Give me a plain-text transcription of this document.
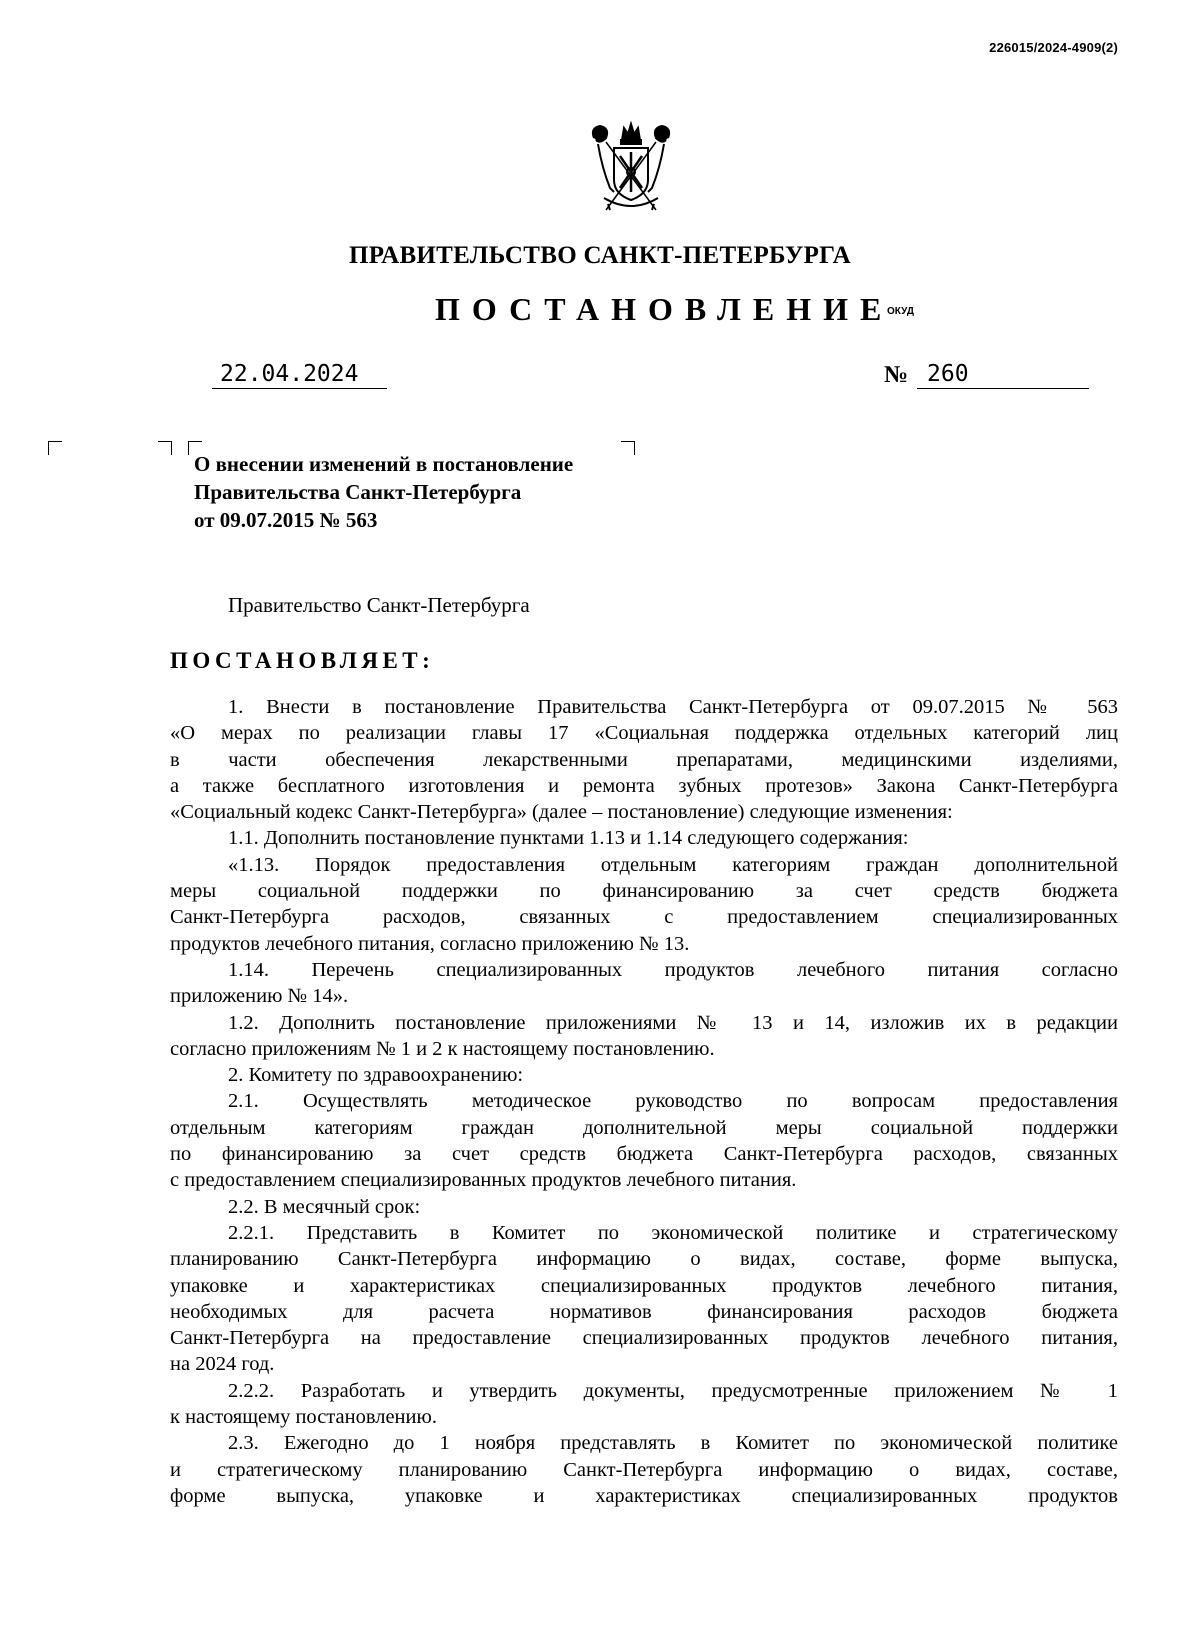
226015/2024-4909(2)
ПРАВИТЕЛЬСТВО САНКТ-ПЕТЕРБУРГА
ПОСТАНОВЛЕНИЕ
ОКУД
22.04.2024	№ 260
О внесении изменений в постановление
Правительства Санкт-Петербурга
от 09.07.2015 № 563
Правительство Санкт-Петербурга
ПОСТАНОВЛЯЕТ:
1. Внести в постановление Правительства Санкт-Петербурга от 09.07.2015 № 563
«О мерах по реализации главы 17 «Социальная поддержка отдельных категорий лиц
в части обеспечения лекарственными препаратами, медицинскими изделиями,
а также бесплатного изготовления и ремонта зубных протезов» Закона Санкт-Петербурга
«Социальный кодекс Санкт-Петербурга» (далее – постановление) следующие изменения:
1.1. Дополнить постановление пунктами 1.13 и 1.14 следующего содержания:
«1.13. Порядок предоставления отдельным категориям граждан дополнительной
меры социальной поддержки по финансированию за счет средств бюджета
Санкт-Петербурга расходов, связанных с предоставлением специализированных
продуктов лечебного питания, согласно приложению № 13.
1.14. Перечень специализированных продуктов лечебного питания согласно
приложению № 14».
1.2. Дополнить постановление приложениями № 13 и 14, изложив их в редакции
согласно приложениям № 1 и 2 к настоящему постановлению.
2. Комитету по здравоохранению:
2.1. Осуществлять методическое руководство по вопросам предоставления
отдельным категориям граждан дополнительной меры социальной поддержки
по финансированию за счет средств бюджета Санкт-Петербурга расходов, связанных
с предоставлением специализированных продуктов лечебного питания.
2.2. В месячный срок:
2.2.1. Представить в Комитет по экономической политике и стратегическому
планированию Санкт-Петербурга информацию о видах, составе, форме выпуска,
упаковке и характеристиках специализированных продуктов лечебного питания,
необходимых для расчета нормативов финансирования расходов бюджета
Санкт-Петербурга на предоставление специализированных продуктов лечебного питания,
на 2024 год.
2.2.2. Разработать и утвердить документы, предусмотренные приложением № 1
к настоящему постановлению.
2.3. Ежегодно до 1 ноября представлять в Комитет по экономической политике
и стратегическому планированию Санкт-Петербурга информацию о видах, составе,
форме выпуска, упаковке и характеристиках специализированных продуктов
